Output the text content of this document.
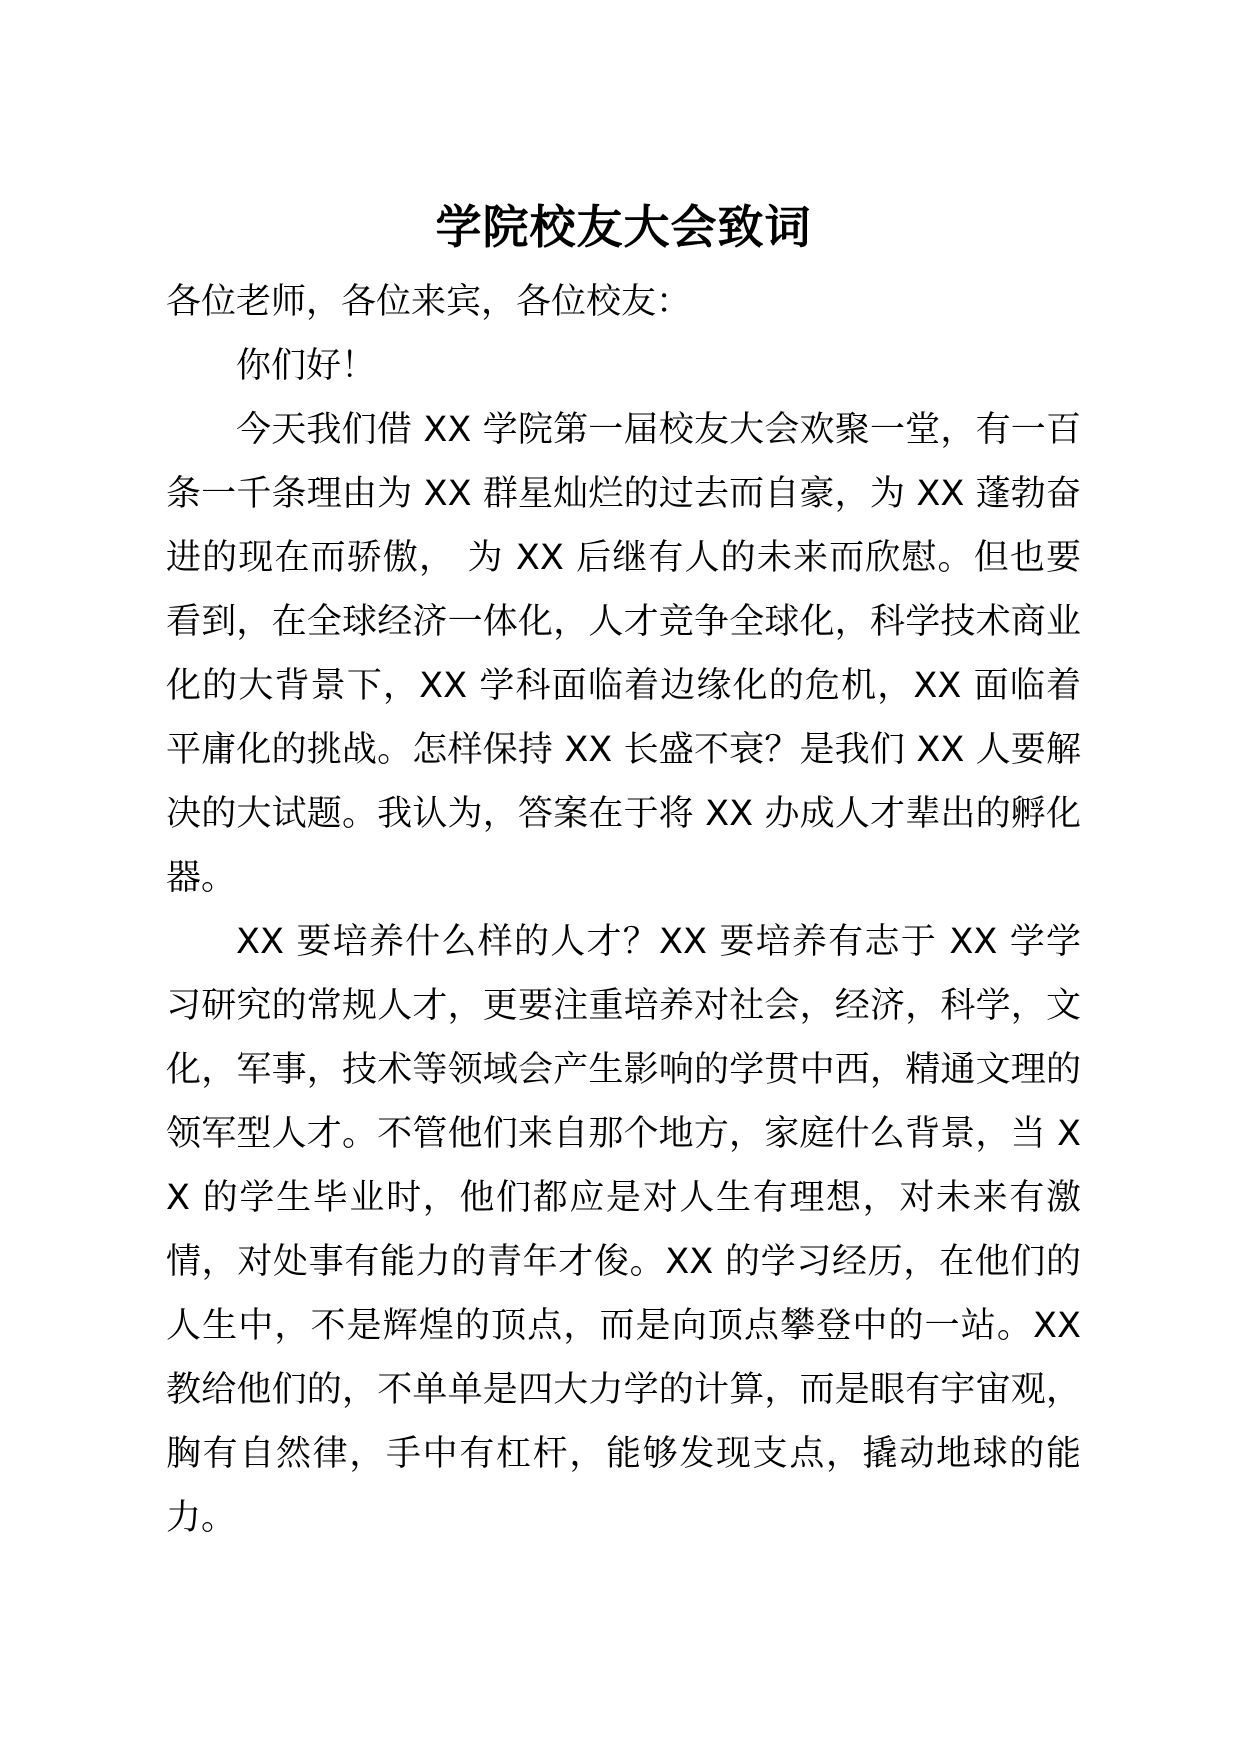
学院校友大会致词

各位老师，各位来宾，各位校友：

你们好！

今天我们借 XX 学院第一届校友大会欢聚一堂，有一百条一千条理由为 XX 群星灿烂的过去而自豪，为 XX 蓬勃奋进的现在而骄傲， 为 XX 后继有人的未来而欣慰。但也要看到，在全球经济一体化，人才竞争全球化，科学技术商业化的大背景下，XX 学科面临着边缘化的危机，XX 面临着平庸化的挑战。怎样保持 XX 长盛不衰？是我们 XX 人要解决的大试题。我认为，答案在于将 XX 办成人才辈出的孵化器。

XX 要培养什么样的人才？XX 要培养有志于 XX 学学习研究的常规人才，更要注重培养对社会，经济，科学，文化，军事，技术等领域会产生影响的学贯中西，精通文理的领军型人才。不管他们来自那个地方，家庭什么背景，当 XX 的学生毕业时，他们都应是对人生有理想，对未来有激情，对处事有能力的青年才俊。XX 的学习经历，在他们的人生中，不是辉煌的顶点，而是向顶点攀登中的一站。XX 教给他们的，不单单是四大力学的计算，而是眼有宇宙观，胸有自然律，手中有杠杆，能够发现支点，撬动地球的能力。
